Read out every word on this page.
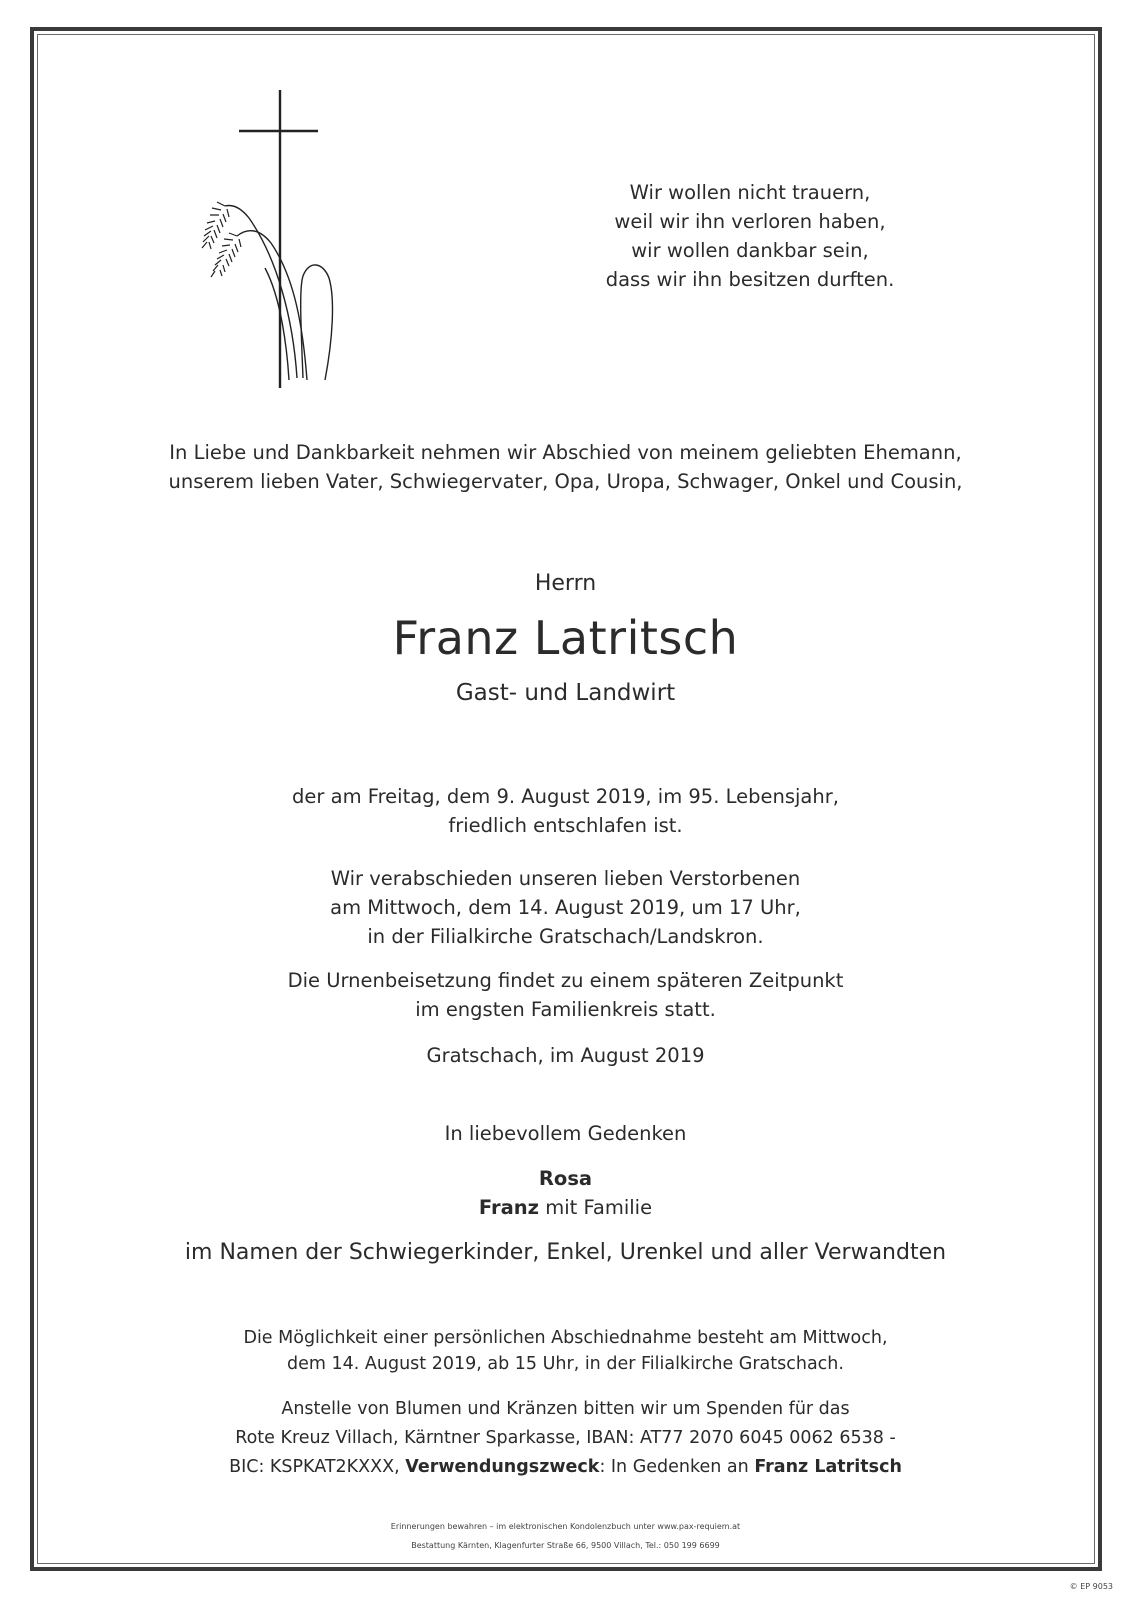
Wir wollen nicht trauern,
weil wir ihn verloren haben,
wir wollen dankbar sein,
dass wir ihn besitzen durften.
In Liebe und Dankbarkeit nehmen wir Abschied von meinem geliebten Ehemann,
unserem lieben Vater, Schwiegervater, Opa, Uropa, Schwager, Onkel und Cousin,
Herrn
Franz Latritsch
Gast- und Landwirt
der am Freitag, dem 9. August 2019, im 95. Lebensjahr,
friedlich entschlafen ist.
Wir verabschieden unseren lieben Verstorbenen
am Mittwoch, dem 14. August 2019, um 17 Uhr,
in der Filialkirche Gratschach/Landskron.
Die Urnenbeisetzung findet zu einem späteren Zeitpunkt
im engsten Familienkreis statt.
Gratschach, im August 2019
In liebevollem Gedenken
Rosa
Franz mit Familie
im Namen der Schwiegerkinder, Enkel, Urenkel und aller Verwandten
Die Möglichkeit einer persönlichen Abschiednahme besteht am Mittwoch,
dem 14. August 2019, ab 15 Uhr, in der Filialkirche Gratschach.
Anstelle von Blumen und Kränzen bitten wir um Spenden für das
Rote Kreuz Villach, Kärntner Sparkasse, IBAN: AT77 2070 6045 0062 6538 -
BIC: KSPKAT2KXXX, Verwendungszweck: In Gedenken an Franz Latritsch
Erinnerungen bewahren – im elektronischen Kondolenzbuch unter www.pax-requiem.at
Bestattung Kärnten, Klagenfurter Straße 66, 9500 Villach, Tel.: 050 199 6699
© EP 9053
